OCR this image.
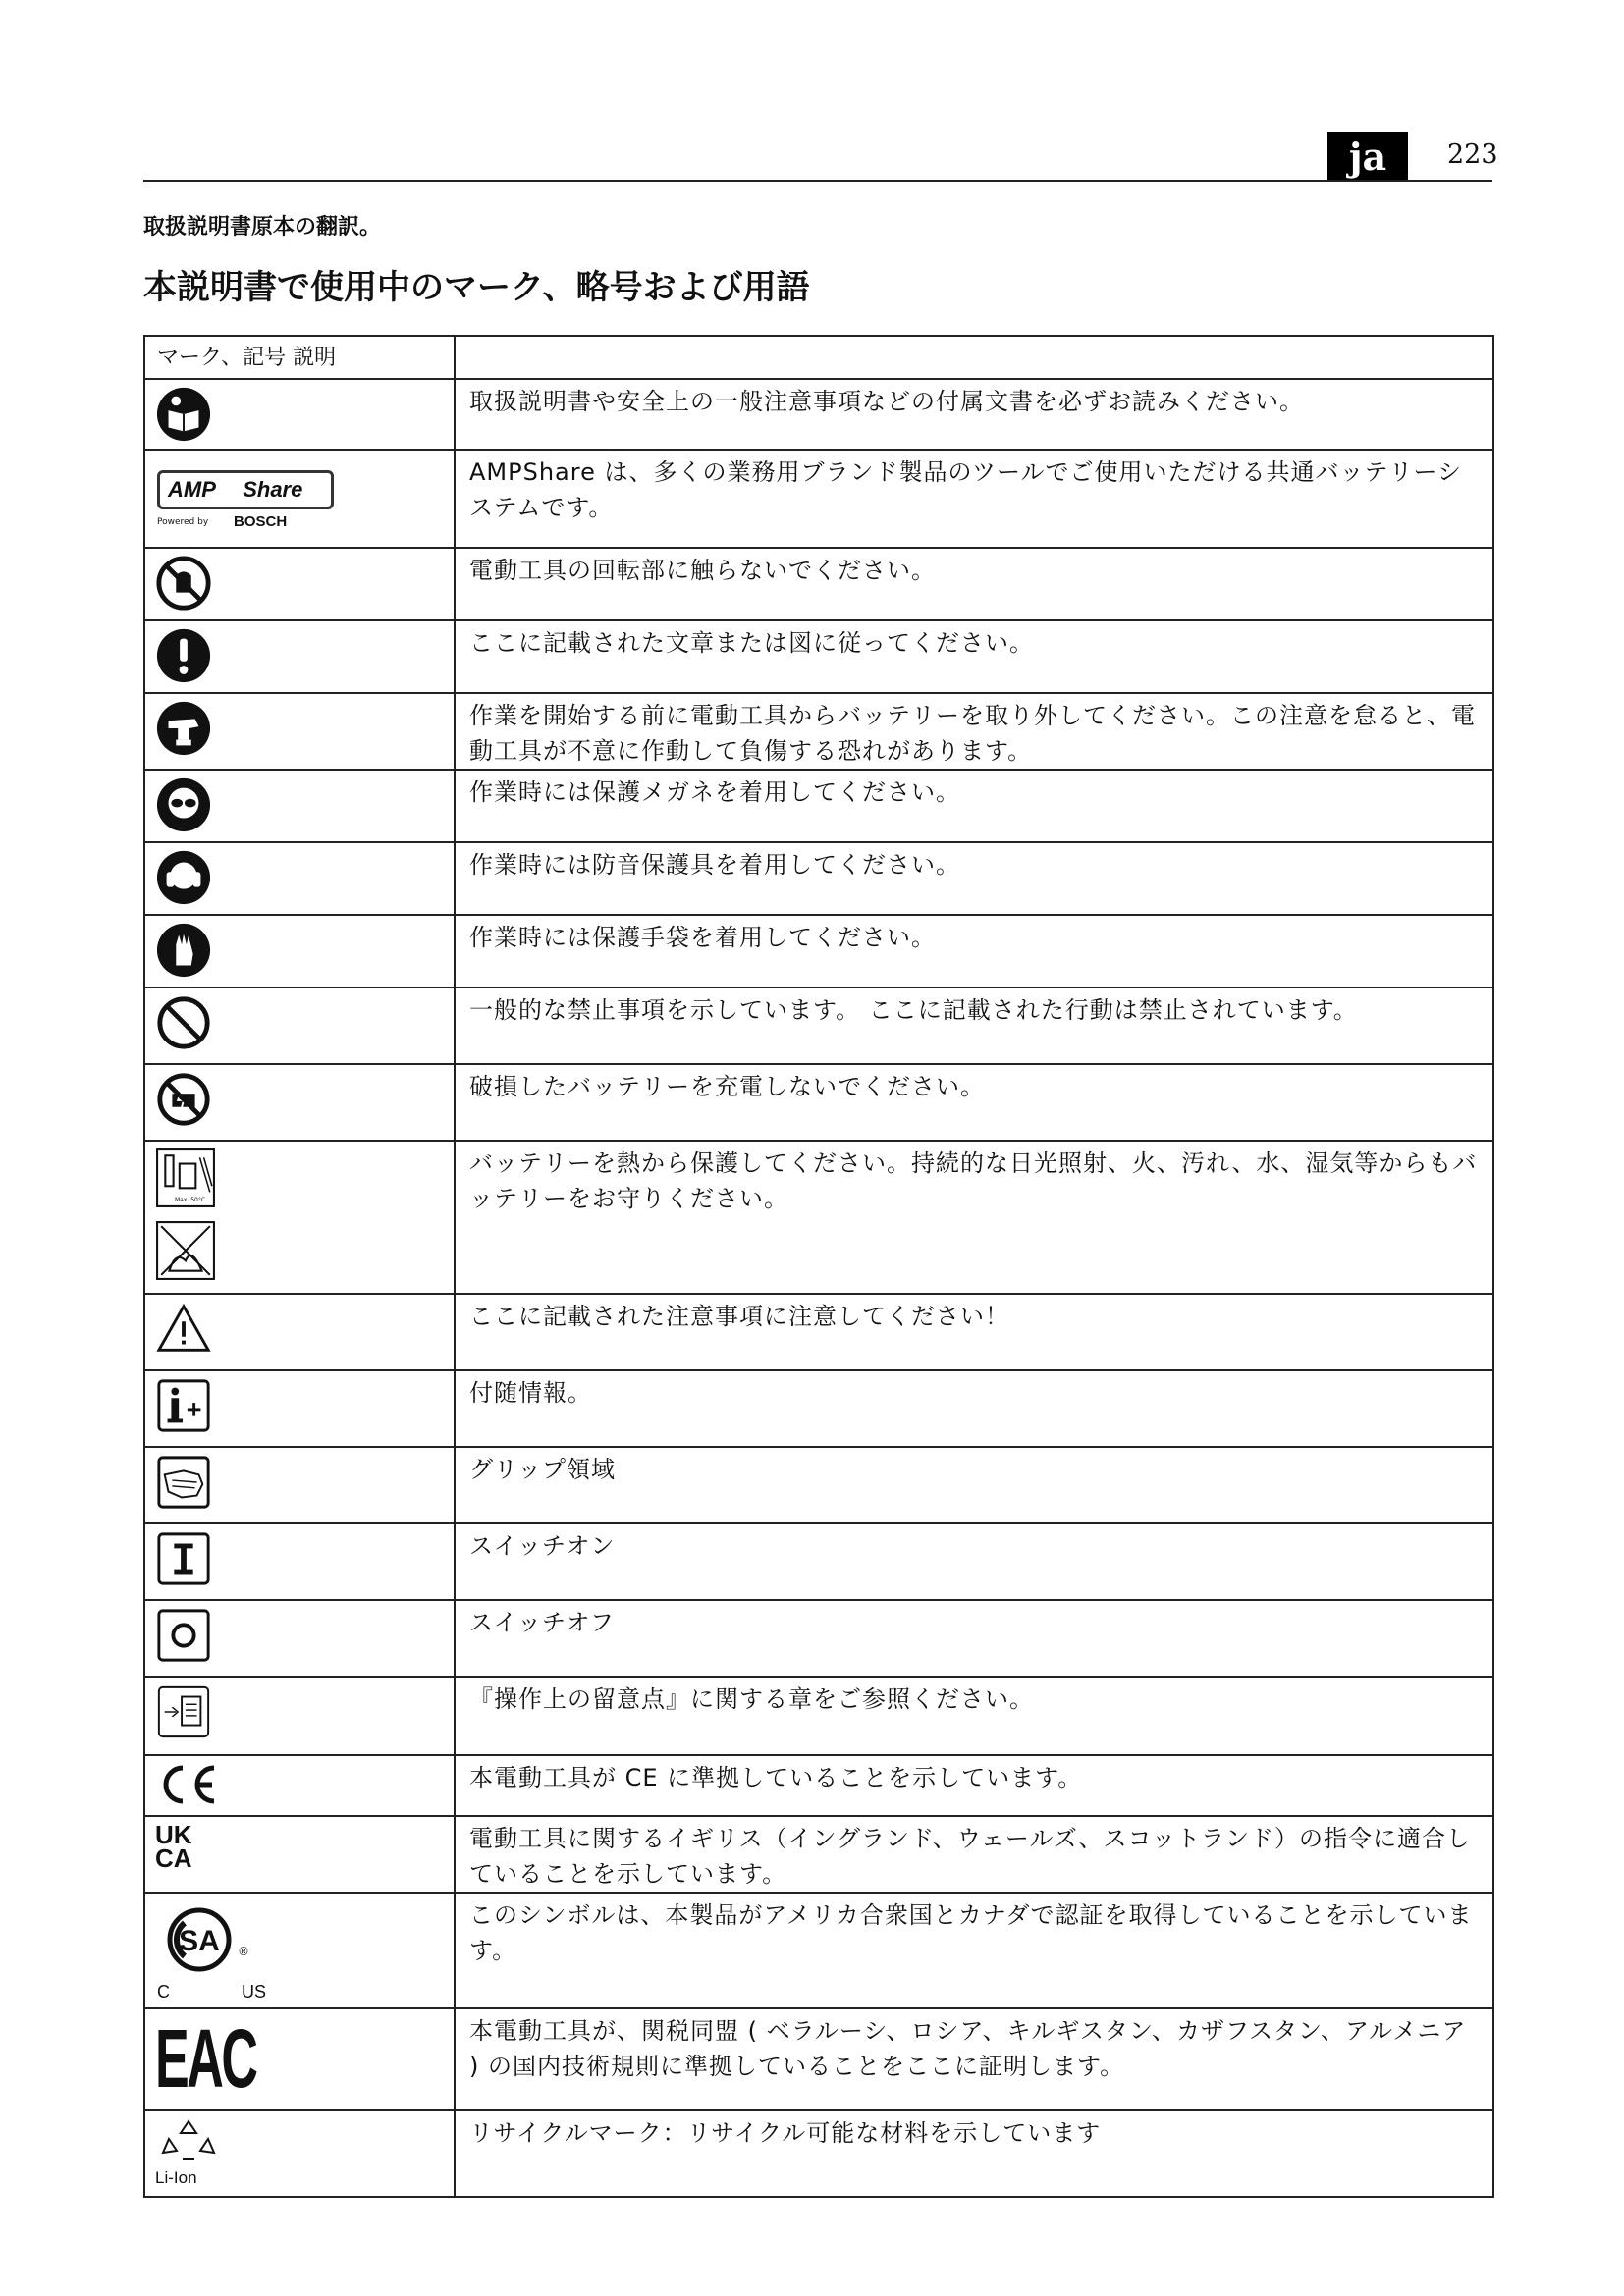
ja 223
取扱説明書原本の翻訳。
本説明書で使用中のマーク、略号および用語
マーク、記号 説明	

	取扱説明書や安全上の一般注意事項などの付属文書を必ずお読みください。

AMP Share
Powered by BOSCH	AMPShare は、多くの業務用ブランド製品のツールでご使用いただける共通バッテリーシステムです。

	電動工具の回転部に触らないでください。

	ここに記載された文章または図に従ってください。

	作業を開始する前に電動工具からバッテリーを取り外してください。この注意を怠ると、電動工具が不意に作動して負傷する恐れがあります。

	作業時には保護メガネを着用してください。

	作業時には防音保護具を着用してください。

	作業時には保護手袋を着用してください。

	一般的な禁止事項を示しています。 ここに記載された行動は禁止されています。

	破損したバッテリーを充電しないでください。

Max. 50°C	バッテリーを熱から保護してください。持続的な日光照射、火、汚れ、水、湿気等からもバッテリーをお守りください。

	ここに記載された注意事項に注意してください！

	付随情報。

	グリップ領域

	スイッチオン

	スイッチオフ

	『操作上の留意点』に関する章をご参照ください。

	本電動工具が CE に準拠していることを示しています。

UK
CA	電動工具に関するイギリス（イングランド、ウェールズ、スコットランド）の指令に適合していることを示しています。

SA ®
C US	このシンボルは、本製品がアメリカ合衆国とカナダで認証を取得していることを示しています。

EAC	本電動工具が、関税同盟 ( ベラルーシ、ロシア、キルギスタン、カザフスタン、アルメニア ) の国内技術規則に準拠していることをここに証明します。

Li-Ion	リサイクルマーク：リサイクル可能な材料を示しています
